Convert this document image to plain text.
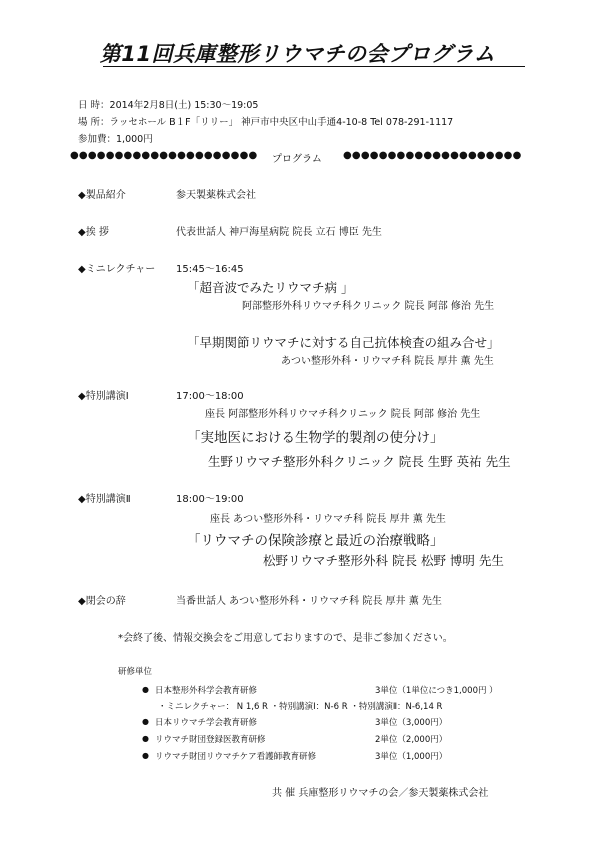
第11回兵庫整形リウマチの会プログラム
日 時：2014年2月8日(土) 15:30～19:05
場 所：ラッセホール B１F「リリー」 神戸市中央区中山手通4-10-8 Tel 078-291-1117
参加費：1,000円
●●●●●●●●●●●●●●●●●●●●● プログラム ●●●●●●●●●●●●●●●●●●●●
◆製品紹介	参天製薬株式会社
◆挨 拶	代表世話人 神戸海星病院 院長 立石 博臣 先生
◆ミニレクチャー 15:45～16:45
「超音波でみたリウマチ病 」
阿部整形外科リウマチ科クリニック 院長 阿部 修治 先生
「早期関節リウマチに対する自己抗体検査の組み合せ」
あつい整形外科・リウマチ科 院長 厚井 薫 先生
◆特別講演Ⅰ	17:00～18:00
座長 阿部整形外科リウマチ科クリニック 院長 阿部 修治 先生
「実地医における生物学的製剤の使分け」
生野リウマチ整形外科クリニック 院長 生野 英祐 先生
◆特別講演Ⅱ	18:00～19:00
座長 あつい整形外科・リウマチ科 院長 厚井 薫 先生
「リウマチの保険診療と最近の治療戦略」
松野リウマチ整形外科 院長 松野 博明 先生
◆閉会の辞	当番世話人 あつい整形外科・リウマチ科 院長 厚井 薫 先生
*会終了後、情報交換会をご用意しておりますので、是非ご参加ください。
研修単位
● 日本整形外科学会教育研修	3単位（1単位につき1,000円 ）
・ミニレクチャー： N 1,6 R ・特別講演Ⅰ：N-6 R ・特別講演Ⅱ：N-6,14 R
● 日本リウマチ学会教育研修	3単位（3,000円）
● リウマチ財団登録医教育研修	2単位（2,000円）
● リウマチ財団リウマチケア看護師教育研修	3単位（1,000円）
共 催 兵庫整形リウマチの会／参天製薬株式会社
